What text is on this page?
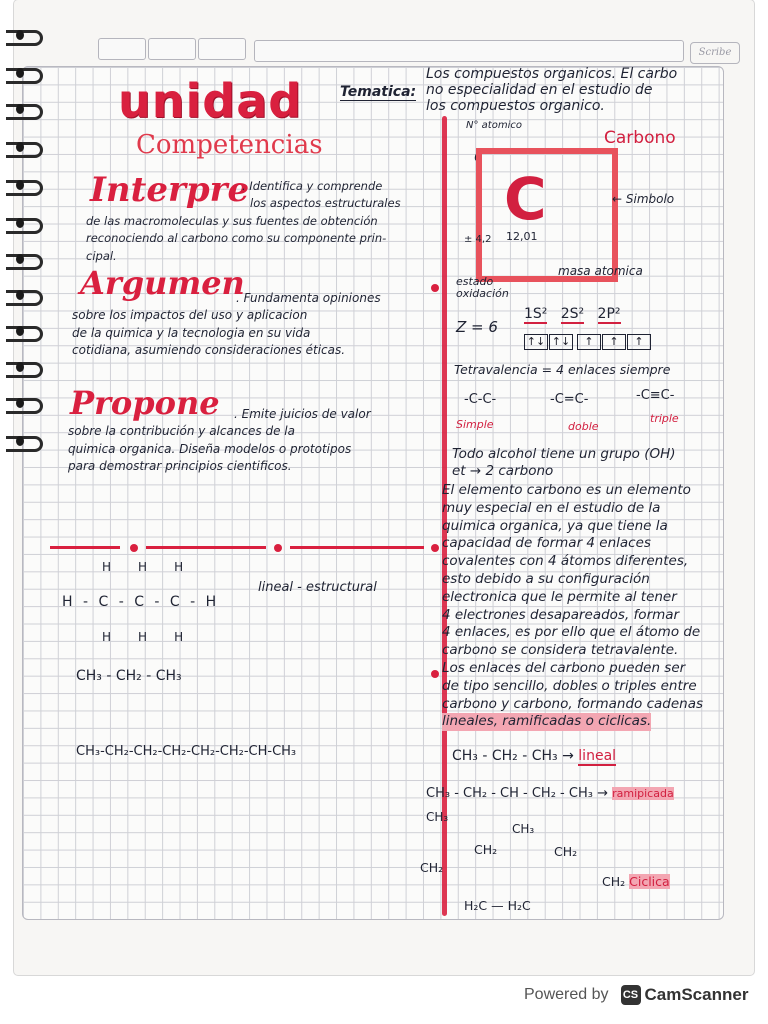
Scribe
unidad	Tematica:
Los compuestos organicos. El carbo
no especialidad en el estudio de
los compuestos organico.
Competencias
Interpre
. Identifica y comprende
los aspectos estructurales
de las macromoleculas y sus fuentes de obtención
reconociendo al carbono como su componente prin-
cipal.
Argumen
. Fundamenta opiniones
sobre los impactos del uso y aplicacion
de la quimica y la tecnologia en su vida
cotidiana, asumiendo consideraciones éticas.
Propone	. Emite juicios de valor
sobre la contribución y alcances de la
quimica organica. Diseña modelos o prototipos
para demostrar principios cientificos.
N° atomico
6
Carbono
C	← Simbolo
12,01
± 4,2
masa atomica
estado
oxidación
Z = 6
1S² 2S² 2P²
↑↓ ↑↓	↑	↑	↑
Tetravalencia = 4 enlaces siempre
-C-C-
Simple
-C=C-
doble
-C≡C-
triple
Todo alcohol tiene un grupo (OH)
et → 2 carbono
El elemento carbono es un elemento
muy especial en el estudio de la
quimica organica, ya que tiene la
capacidad de formar 4 enlaces
covalentes con 4 átomos diferentes,
esto debido a su configuración
electronica que le permite al tener
4 electrones desapareados, formar
4 enlaces, es por ello que el átomo de
carbono se considera tetravalente.
Los enlaces del carbono pueden ser
de tipo sencillo, dobles o triples entre
carbono y carbono, formando cadenas
lineales, ramificadas o ciclicas.
HHH
H - C - C - C - H
HHH
lineal - estructural
CH₃ - CH₂ - CH₃
CH₃-CH₂-CH₂-CH₂-CH₂-CH₂-CH-CH₃	CH₃ - CH₂ - CH₃ → lineal
CH₃ - CH₂ - CH - CH₂ - CH₃ → ramipicada
CH₃
CH₃
CH₂	CH₂
CH₂
CH₂ Ciclica
H₂C — H₂C
Powered by CS CamScanner
